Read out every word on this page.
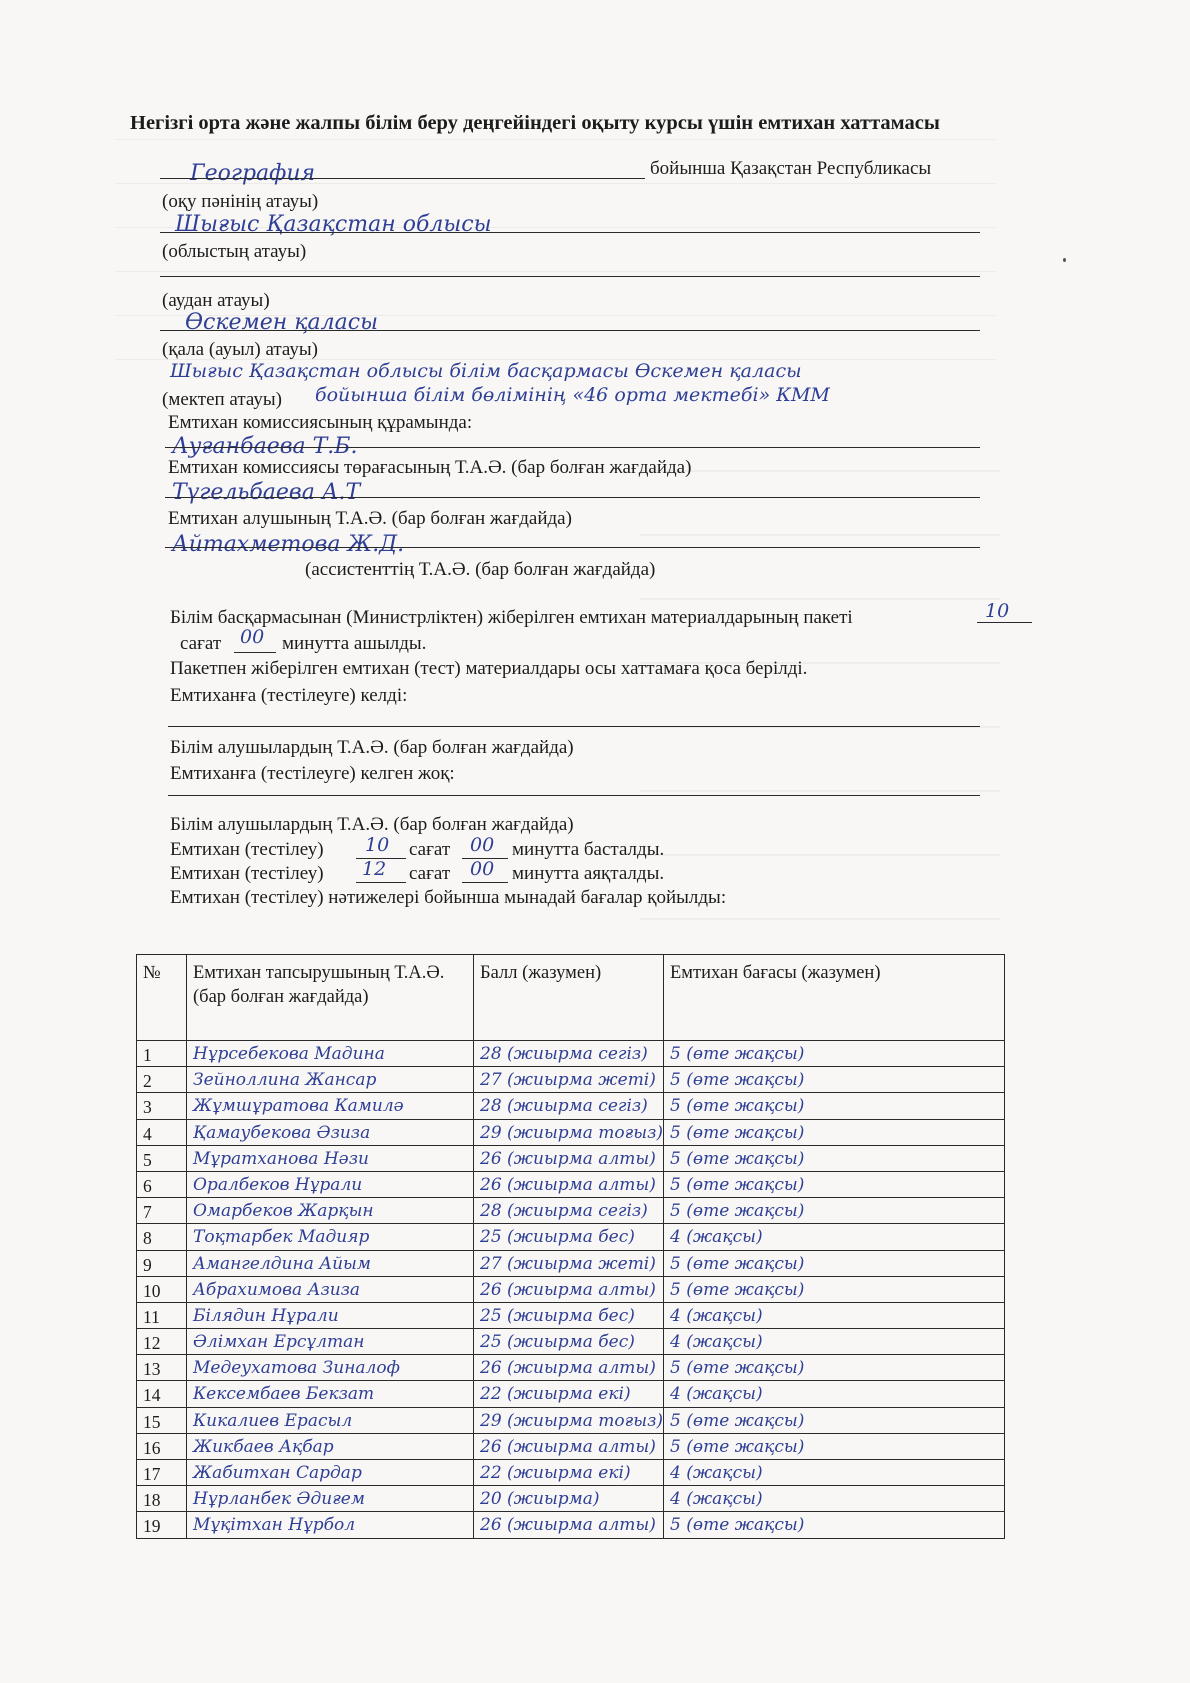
Негізгі орта және жалпы білім беру деңгейіндегі оқыту курсы үшін емтихан хаттамасы
География	бойынша Қазақстан Республикасы
(оқу пәнінің атауы)
Шығыс Қазақстан облысы
(облыстың атауы)
(аудан атауы)
Өскемен қаласы
(қала (ауыл) атауы)
Шығыс Қазақстан облысы білім басқармасы Өскемен қаласы
бойынша білім бөлімінің «46 орта мектебі» КММ
(мектеп атауы)
Емтихан комиссиясының құрамында:
Ауғанбаева Т.Б.
Емтихан комиссиясы төрағасының Т.А.Ә. (бар болған жағдайда)
Түгельбаева А.Т
Емтихан алушының Т.А.Ә. (бар болған жағдайда)
Айтахметова Ж.Д.
(ассистенттің Т.А.Ә. (бар болған жағдайда)
Білім басқармасынан (Министрліктен) жіберілген емтихан материалдарының пакеті	10
сағат 00 минутта ашылды.
Пакетпен жіберілген емтихан (тест) материалдары осы хаттамаға қоса берілді.
Емтиханға (тестілеуге) келді:
Білім алушылардың Т.А.Ә. (бар болған жағдайда)
Емтиханға (тестілеуге) келген жоқ:
Білім алушылардың Т.А.Ә. (бар болған жағдайда)
Емтихан (тестілеу) 10 сағат 00 минутта басталды.
Емтихан (тестілеу) 12 сағат 00 минутта аяқталды.
Емтихан (тестілеу) нәтижелері бойынша мынадай бағалар қойылды:
№	Емтихан тапсырушының Т.А.Ә. (бар болған жағдайда)	Балл (жазумен)	Емтихан бағасы (жазумен)
1	Нұрсебекова Мадина	28 (жиырма сегіз)	5 (өте жақсы)
2	Зейноллина Жансар	27 (жиырма жеті)	5 (өте жақсы)
3	Жұмшұратова Камилә	28 (жиырма сегіз)	5 (өте жақсы)
4	Қамаубекова Әзиза	29 (жиырма тоғыз)	5 (өте жақсы)
5	Мұратханова Нәзи	26 (жиырма алты)	5 (өте жақсы)
6	Оралбеков Нұрали	26 (жиырма алты)	5 (өте жақсы)
7	Омарбеков Жарқын	28 (жиырма сегіз)	5 (өте жақсы)
8	Тоқтарбек Мадияр	25 (жиырма бес)	4 (жақсы)
9	Амангелдина Айым	27 (жиырма жеті)	5 (өте жақсы)
10	Абрахимова Азиза	26 (жиырма алты)	5 (өте жақсы)
11	Білядин Нұрали	25 (жиырма бес)	4 (жақсы)
12	Әлімхан Ерсұлтан	25 (жиырма бес)	4 (жақсы)
13	Медеухатова Зиналоф	26 (жиырма алты)	5 (өте жақсы)
14	Кексембаев Бекзат	22 (жиырма екі)	4 (жақсы)
15	Кикалиев Ерасыл	29 (жиырма тоғыз)	5 (өте жақсы)
16	Жикбаев Ақбар	26 (жиырма алты)	5 (өте жақсы)
17	Жабитхан Сардар	22 (жиырма екі)	4 (жақсы)
18	Нұрланбек Әдиғем	20 (жиырма)	4 (жақсы)
19	Мұқітхан Нұрбол	26 (жиырма алты)	5 (өте жақсы)
